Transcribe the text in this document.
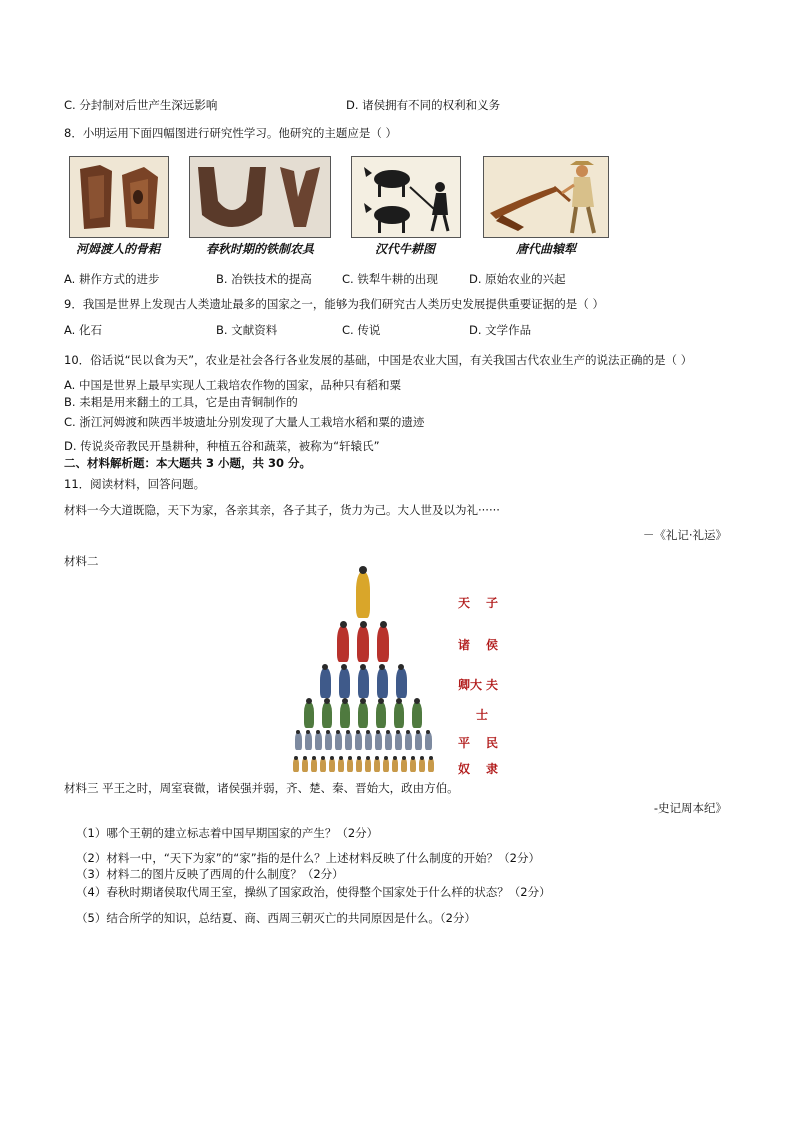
C. 分封制对后世产生深远影响	D. 诸侯拥有不同的权利和义务
8．小明运用下面四幅图进行研究性学习。他研究的主题应是（ ）
河姆渡人的骨耜	春秋时期的铁制农具	汉代牛耕图	唐代曲辕犁
A. 耕作方式的进步	B. 冶铁技术的提高	C. 铁犁牛耕的出现	D. 原始农业的兴起
9．我国是世界上发现古人类遗址最多的国家之一，能够为我们研究古人类历史发展提供重要证据的是（ ）
A. 化石	B. 文献资料	C. 传说	D. 文学作品
10．俗话说“民以食为天”，农业是社会各行各业发展的基础，中国是农业大国，有关我国古代农业生产的说法正确的是（ ）
A. 中国是世界上最早实现人工栽培农作物的国家，品种只有稻和粟
B. 耒耜是用来翻土的工具，它是由青铜制作的
C. 浙江河姆渡和陕西半坡遗址分别发现了大量人工栽培水稻和粟的遗迹
D. 传说炎帝教民开垦耕种，种植五谷和蔬菜，被称为“轩辕氏”
二、材料解析题：本大题共 3 小题，共 30 分。
11．阅读材料，回答问题。
材料一今大道既隐，天下为家，各亲其亲，各子其子，货力为己。大人世及以为礼······
－《礼记·礼运》
材料二
天 子
诸 侯
卿大 夫
士
平 民
奴 隶
材料三 平王之时，周室衰微，诸侯强并弱，齐、楚、秦、晋始大，政由方伯。
-史记周本纪》
（1）哪个王朝的建立标志着中国早期国家的产生？（2分）
（2）材料一中，“天下为家”的“家”指的是什么？上述材料反映了什么制度的开始？（2分）
（3）材料二的图片反映了西周的什么制度？（2分）
（4）春秋时期诸侯取代周王室，操纵了国家政治，使得整个国家处于什么样的状态？（2分）
（5）结合所学的知识，总结夏、商、西周三朝灭亡的共同原因是什么。（2分）
